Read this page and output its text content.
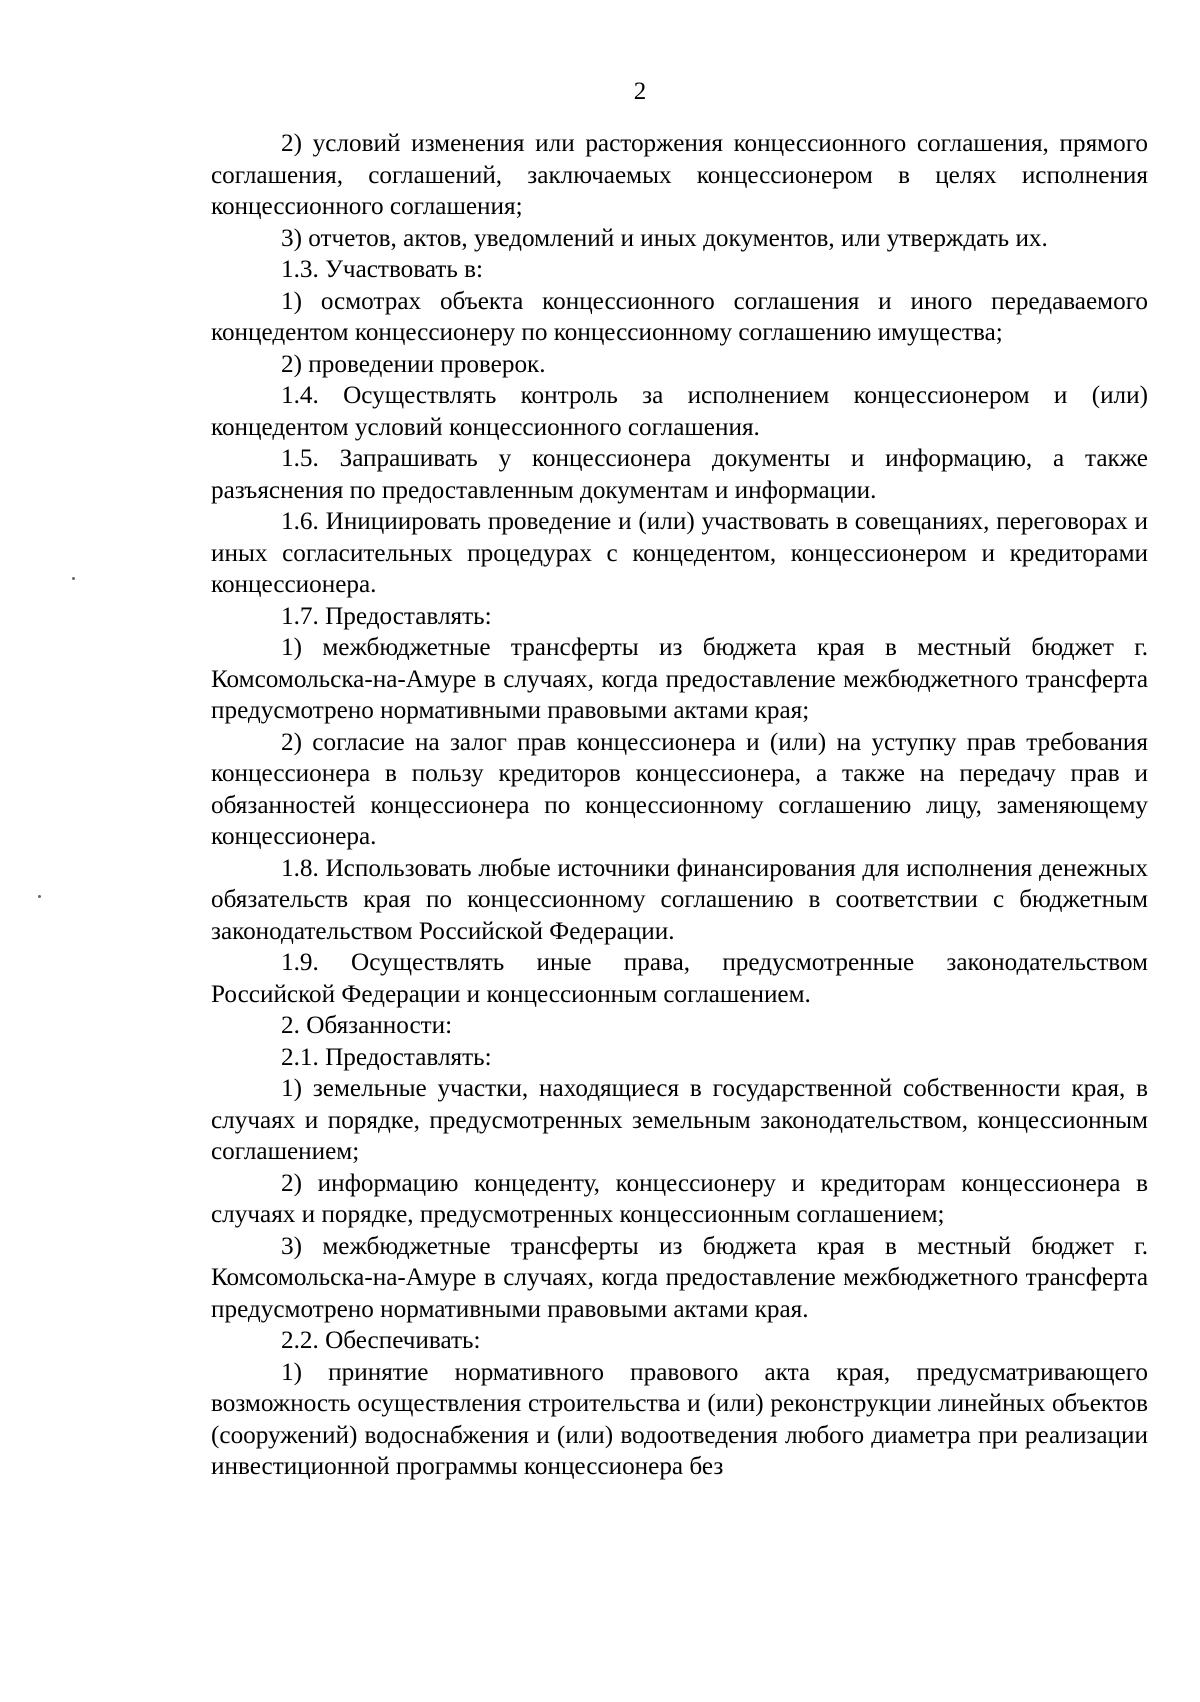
2

2) условий изменения или расторжения концессионного соглашения, прямого соглашения, соглашений, заключаемых концессионером в целях исполнения концессионного соглашения;

3) отчетов, актов, уведомлений и иных документов, или утверждать их.

1.3. Участвовать в:

1) осмотрах объекта концессионного соглашения и иного передаваемого концедентом концессионеру по концессионному соглашению имущества;

2) проведении проверок.

1.4. Осуществлять контроль за исполнением концессионером и (или) концедентом условий концессионного соглашения.

1.5. Запрашивать у концессионера документы и информацию, а также разъяснения по предоставленным документам и информации.

1.6. Инициировать проведение и (или) участвовать в совещаниях, переговорах и иных согласительных процедурах с концедентом, концессионером и кредиторами концессионера.

1.7. Предоставлять:

1) межбюджетные трансферты из бюджета края в местный бюджет г. Комсомольска-на-Амуре в случаях, когда предоставление межбюджетного трансферта предусмотрено нормативными правовыми актами края;

2) согласие на залог прав концессионера и (или) на уступку прав требования концессионера в пользу кредиторов концессионера, а также на передачу прав и обязанностей концессионера по концессионному соглашению лицу, заменяющему концессионера.

1.8. Использовать любые источники финансирования для исполнения денежных обязательств края по концессионному соглашению в соответствии с бюджетным законодательством Российской Федерации.

1.9. Осуществлять иные права, предусмотренные законодательством Российской Федерации и концессионным соглашением.

2. Обязанности:

2.1. Предоставлять:

1) земельные участки, находящиеся в государственной собственности края, в случаях и порядке, предусмотренных земельным законодательством, концессионным соглашением;

2) информацию концеденту, концессионеру и кредиторам концессионера в случаях и порядке, предусмотренных концессионным соглашением;

3) межбюджетные трансферты из бюджета края в местный бюджет г. Комсомольска-на-Амуре в случаях, когда предоставление межбюджетного трансферта предусмотрено нормативными правовыми актами края.

2.2. Обеспечивать:

1) принятие нормативного правового акта края, предусматривающего возможность осуществления строительства и (или) реконструкции линейных объектов (сооружений) водоснабжения и (или) водоотведения любого диаметра при реализации инвестиционной программы концессионера без
